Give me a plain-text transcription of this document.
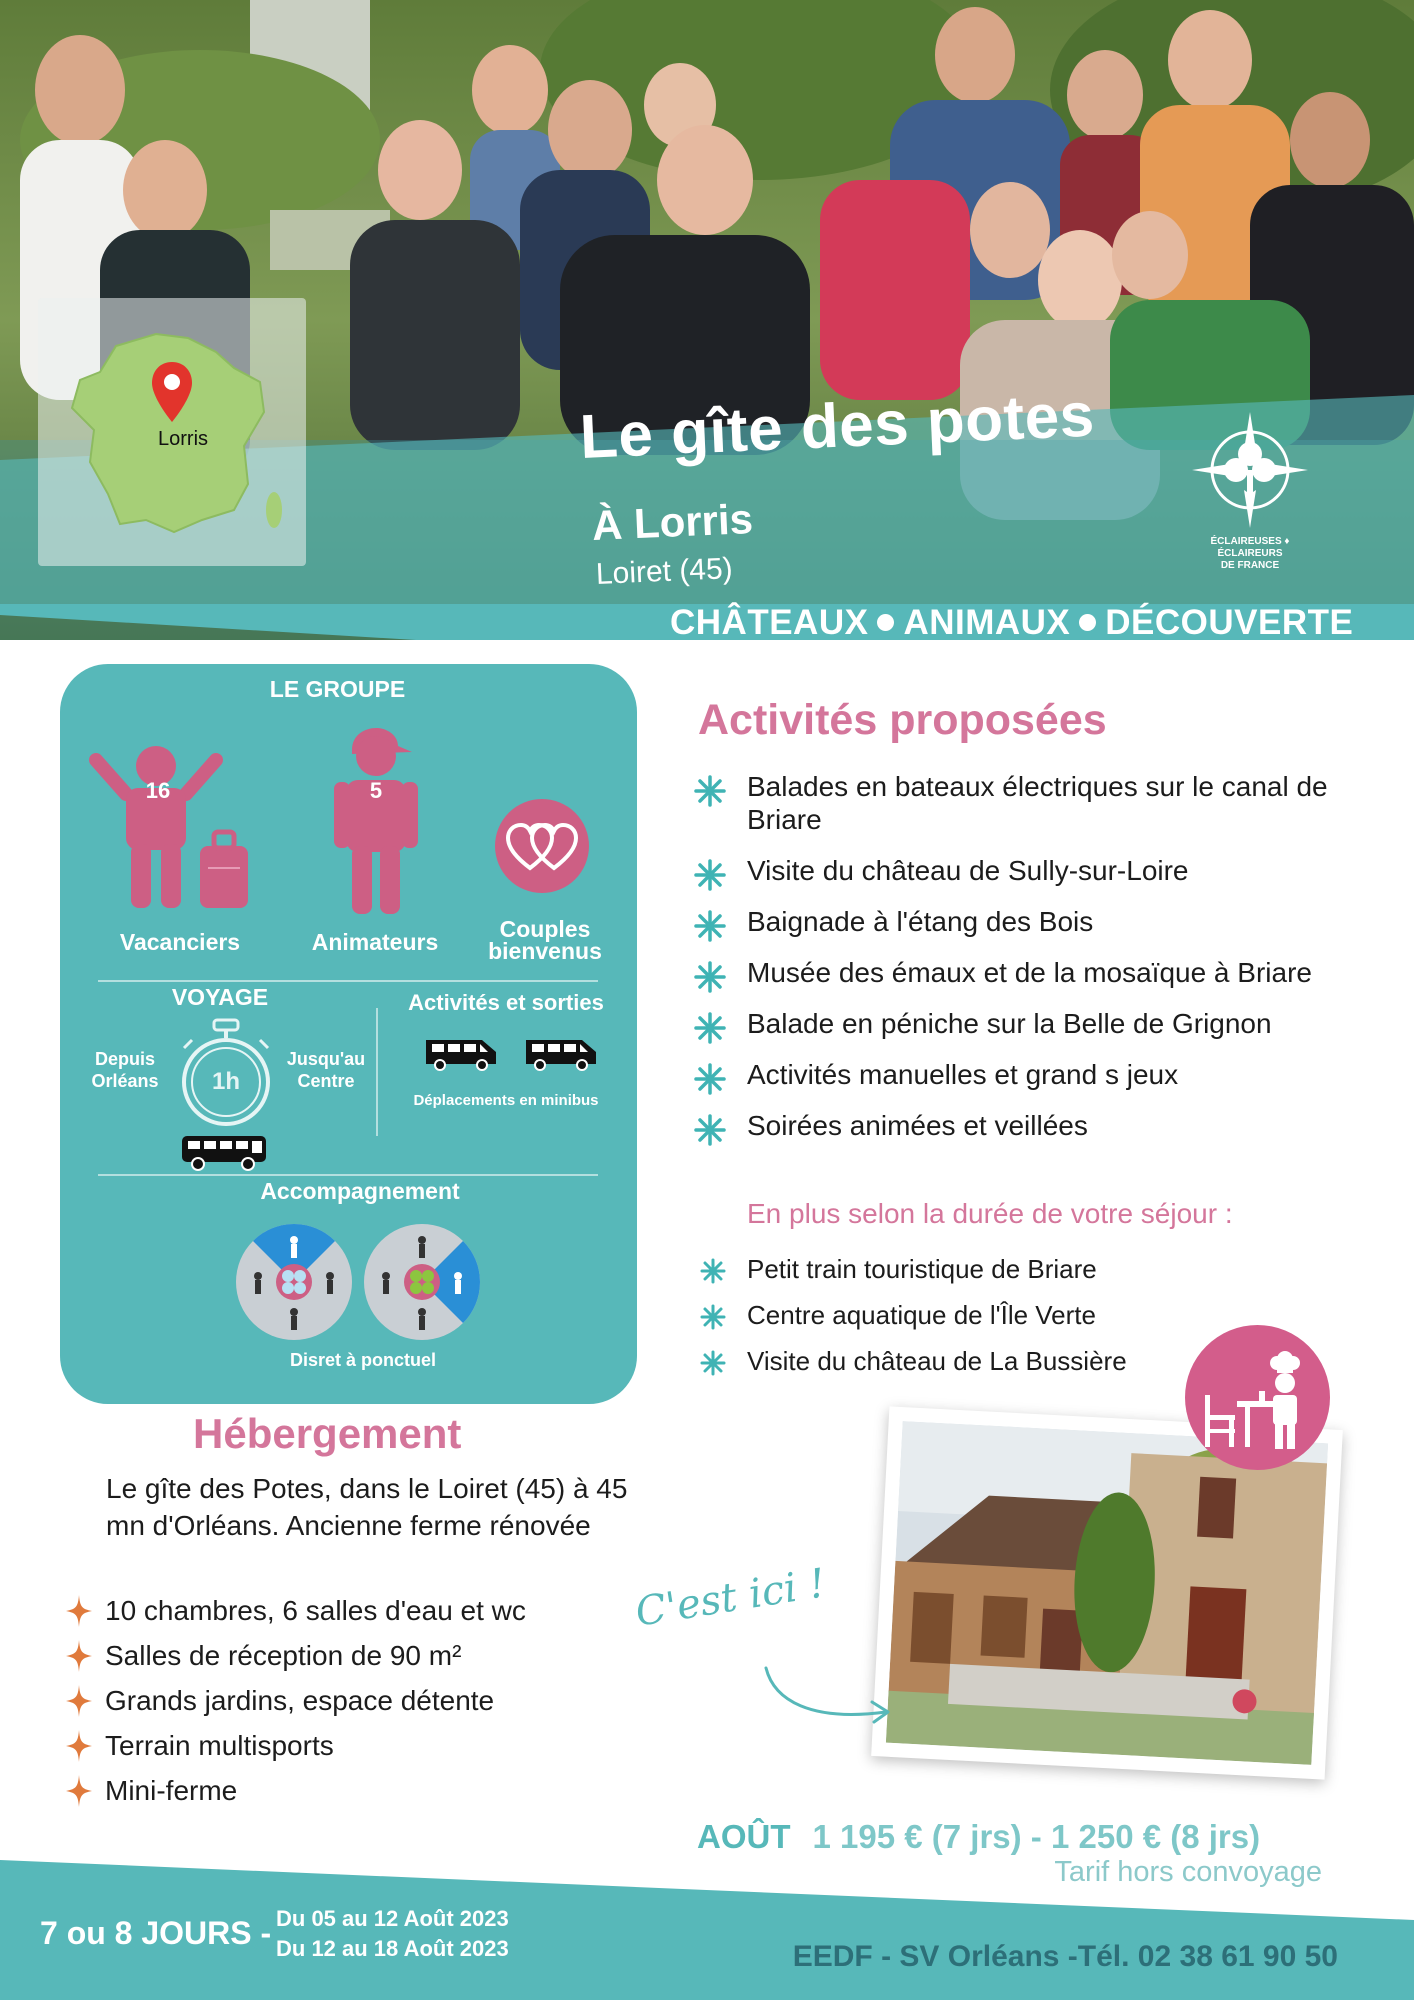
Lorris	Le gîte des potes
À Lorris
Loiret (45)
ÉCLAIREUSES ♦ ÉCLAIREURS
DE FRANCE
CHÂTEAUX ANIMAUX DÉCOUVERTE
LE GROUPE
16
Vacanciers
5
Animateurs	Couples
bienvenus
VOYAGE
Depuis
Orléans	1h
Jusqu'au
Centre
Activités et sorties
Déplacements en minibus
Accompagnement
Disret à ponctuel
Activités proposées
Balades en bateaux électriques sur le canal de Briare
Visite du château de Sully-sur-Loire
Baignade à l'étang des Bois
Musée des émaux et de la mosaïque à Briare
Balade en péniche sur la Belle de Grignon
Activités manuelles et grand s jeux
Soirées animées et veillées
En plus selon la durée de votre séjour :
Petit train touristique de Briare
Centre aquatique de l'Île Verte
Visite du château de La Bussière
Hébergement
Le gîte des Potes, dans le Loiret (45) à 45 mn d'Orléans. Ancienne ferme rénovée
10 chambres, 6 salles d'eau et wc
Salles de réception de 90 m²
Grands jardins, espace détente
Terrain multisports
Mini-ferme
C'est ici !
AOÛT 1 195 € (7 jrs) - 1 250 € (8 jrs)
Tarif hors convoyage
7 ou 8 JOURS - Du 05 au 12 Août 2023
Du 12 au 18 Août 2023	EEDF - SV Orléans -Tél. 02 38 61 90 50
